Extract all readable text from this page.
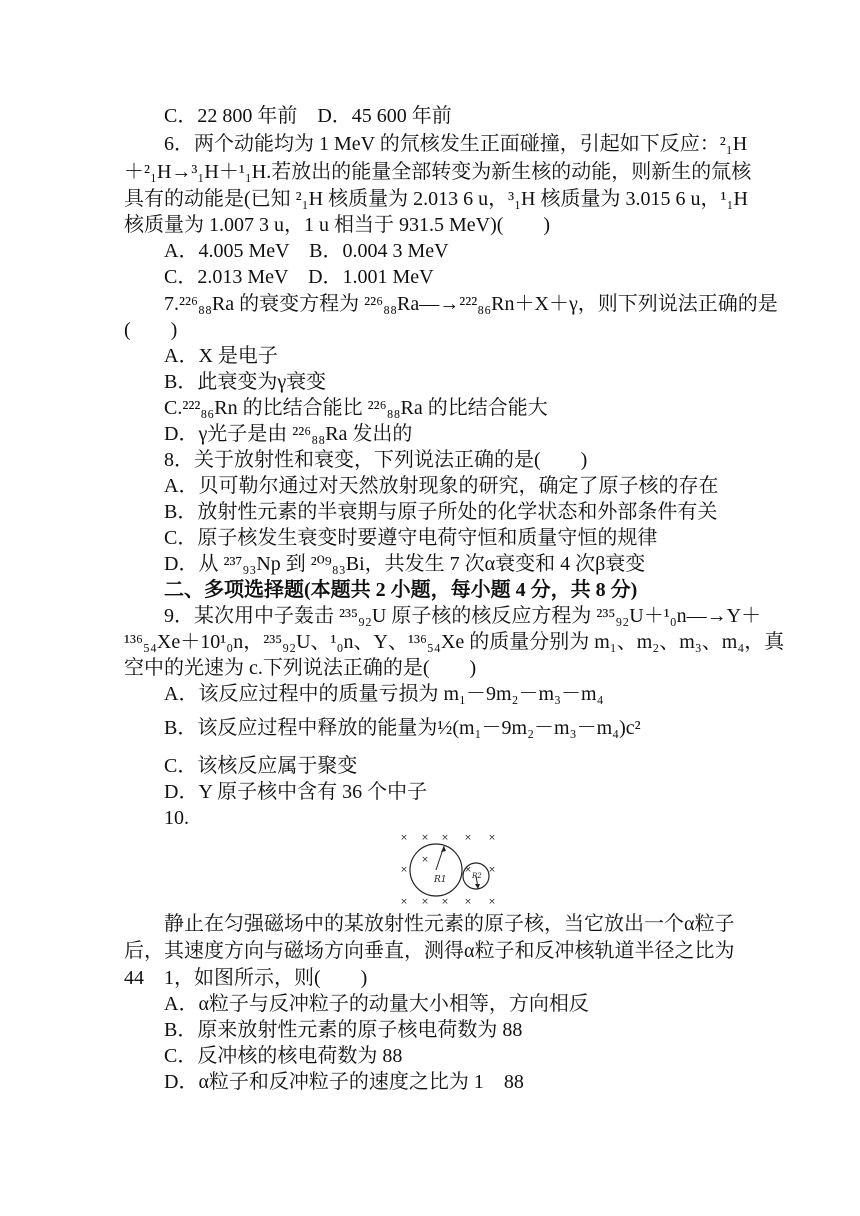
C．22 800 年前　D．45 600 年前
6．两个动能均为 1 MeV 的氘核发生正面碰撞，引起如下反应：²₁H
＋²₁H→³₁H＋¹₁H.若放出的能量全部转变为新生核的动能，则新生的氚核
具有的动能是(已知 ²₁H 核质量为 2.013 6 u，³₁H 核质量为 3.015 6 u，¹₁H
核质量为 1.007 3 u，1 u 相当于 931.5 MeV)(　　)
A．4.005 MeV　B．0.004 3 MeV
C．2.013 MeV　D．1.001 MeV
7.²²⁶₈₈Ra 的衰变方程为 ²²⁶₈₈Ra―→²²²₈₆Rn＋X＋γ，则下列说法正确的是
(　　)
A．X 是电子
B．此衰变为γ衰变
C.²²²₈₆Rn 的比结合能比 ²²⁶₈₈Ra 的比结合能大
D．γ光子是由 ²²⁶₈₈Ra 发出的
8．关于放射性和衰变，下列说法正确的是(　　)
A．贝可勒尔通过对天然放射现象的研究，确定了原子核的存在
B．放射性元素的半衰期与原子所处的化学状态和外部条件有关
C．原子核发生衰变时要遵守电荷守恒和质量守恒的规律
D．从 ²³⁷₉₃Np 到 ²⁰⁹₈₃Bi，共发生 7 次α衰变和 4 次β衰变
二、多项选择题(本题共 2 小题，每小题 4 分，共 8 分)
9．某次用中子轰击 ²³⁵₉₂U 原子核的核反应方程为 ²³⁵₉₂U＋¹₀n―→Y＋
¹³⁶₅₄Xe＋10¹₀n，²³⁵₉₂U、¹₀n、Y、¹³⁶₅₄Xe 的质量分别为 m₁、m₂、m₃、m₄，真
空中的光速为 c.下列说法正确的是(　　)
A．该反应过程中的质量亏损为 m₁－9m₂－m₃－m₄
B．该反应过程中释放的能量为½(m₁－9m₂－m₃－m₄)c²
C．该核反应属于聚变
D．Y 原子核中含有 36 个中子
10.
× × × × ×
×
×
× ×
× × × × ×
R1	R2
静止在匀强磁场中的某放射性元素的原子核，当它放出一个α粒子
后，其速度方向与磁场方向垂直，测得α粒子和反冲核轨道半径之比为
44　1，如图所示，则(　　)
A．α粒子与反冲粒子的动量大小相等，方向相反
B．原来放射性元素的原子核电荷数为 88
C．反冲核的核电荷数为 88
D．α粒子和反冲粒子的速度之比为 1　88
